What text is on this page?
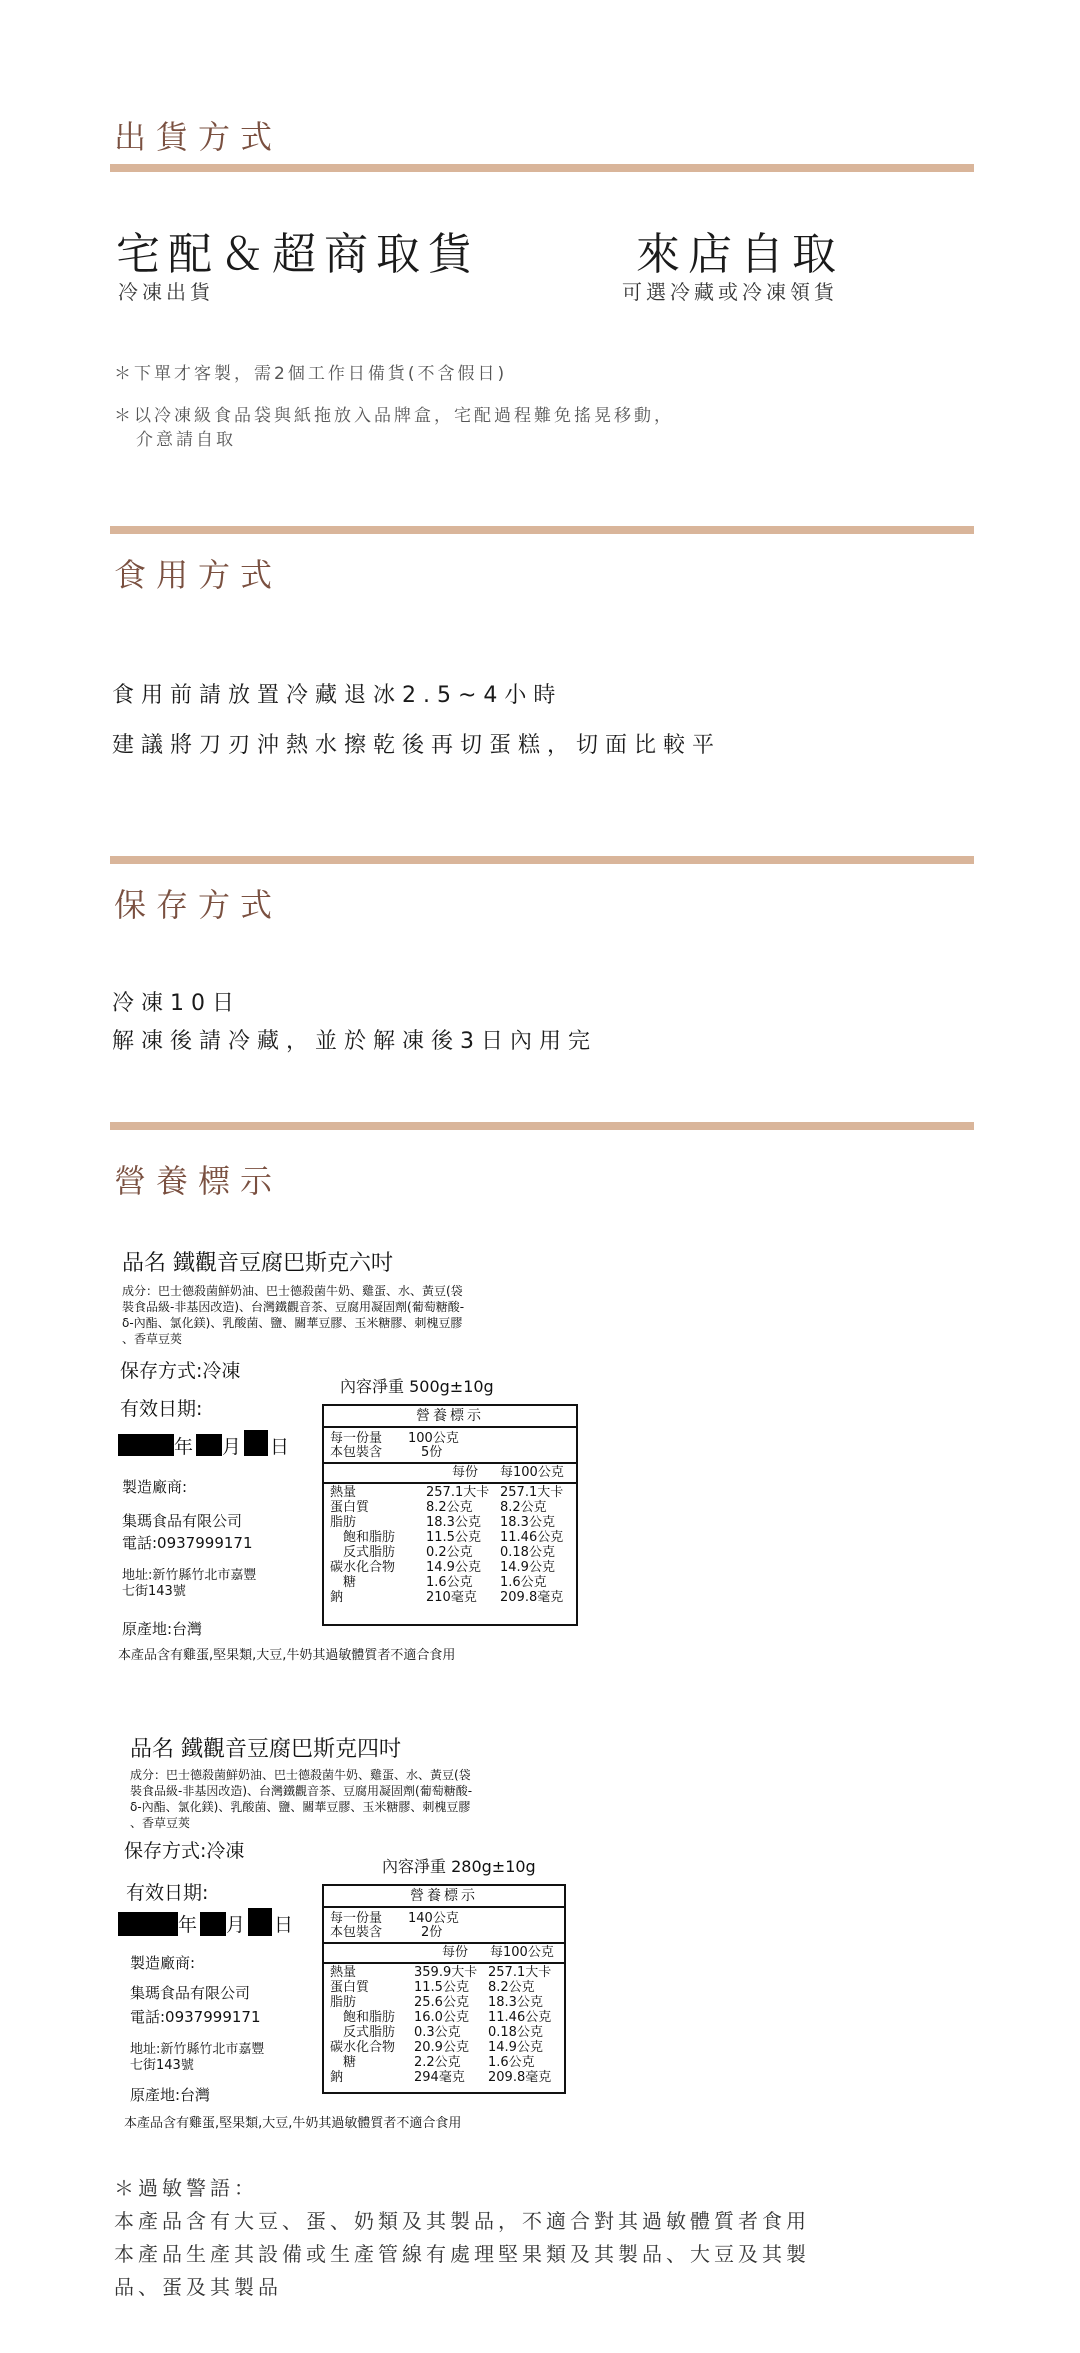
出貨方式
宅配＆超商取貨
冷凍出貨
來店自取
可選冷藏或冷凍領貨
＊下單才客製，需2個工作日備貨(不含假日)
＊以冷凍級食品袋與紙拖放入品牌盒，宅配過程難免搖晃移動，
介意請自取
食用方式
食用前請放置冷藏退冰2.5~4小時
建議將刀刃沖熱水擦乾後再切蛋糕，切面比較平
保存方式
冷凍10日
解凍後請冷藏，並於解凍後3日內用完
營養標示
品名 鐵觀音豆腐巴斯克六吋
成分：巴士德殺菌鮮奶油、巴士德殺菌牛奶、雞蛋、水、黃豆(袋
裝食品級-非基因改造)、台灣鐵觀音茶、豆腐用凝固劑(葡萄糖酸-
δ-內酯、氯化鎂)、乳酸菌、鹽、關華豆膠、玉米糖膠、刺槐豆膠
、香草豆莢
保存方式:冷凍
有效日期:
年 月 日
內容淨重 500g±10g
製造廠商:
集瑪食品有限公司
電話:0937999171
地址:新竹縣竹北市嘉豐
七街143號
原產地:台灣
本產品含有雞蛋,堅果類,大豆,牛奶其過敏體質者不適合食用
營養標示
每一份量　　100公克
本包裝含　　　5份
每份 每100公克
熱量	257.1大卡 257.1大卡
蛋白質	8.2公克 8.2公克
脂肪	18.3公克 18.3公克
　飽和脂肪 11.5公克 11.46公克
　反式脂肪 0.2公克 0.18公克
碳水化合物 14.9公克 14.9公克
　糖	1.6公克 1.6公克
鈉	210毫克 209.8毫克
品名 鐵觀音豆腐巴斯克四吋
成分：巴士德殺菌鮮奶油、巴士德殺菌牛奶、雞蛋、水、黃豆(袋
裝食品級-非基因改造)、台灣鐵觀音茶、豆腐用凝固劑(葡萄糖酸-
δ-內酯、氯化鎂)、乳酸菌、鹽、關華豆膠、玉米糖膠、刺槐豆膠
、香草豆莢
保存方式:冷凍
有效日期:
年 月 日
內容淨重 280g±10g
製造廠商:
集瑪食品有限公司
電話:0937999171
地址:新竹縣竹北市嘉豐
七街143號
原產地:台灣
本產品含有雞蛋,堅果類,大豆,牛奶其過敏體質者不適合食用
營養標示
每一份量　　140公克
本包裝含　　　2份
每份 每100公克
熱量	359.9大卡 257.1大卡
蛋白質	11.5公克 8.2公克
脂肪	25.6公克 18.3公克
　飽和脂肪 16.0公克 11.46公克
　反式脂肪 0.3公克 0.18公克
碳水化合物 20.9公克 14.9公克
　糖	2.2公克 1.6公克
鈉	294毫克 209.8毫克
＊過敏警語：
本產品含有大豆、蛋、奶類及其製品，不適合對其過敏體質者食用
本產品生產其設備或生產管線有處理堅果類及其製品、大豆及其製
品、蛋及其製品
